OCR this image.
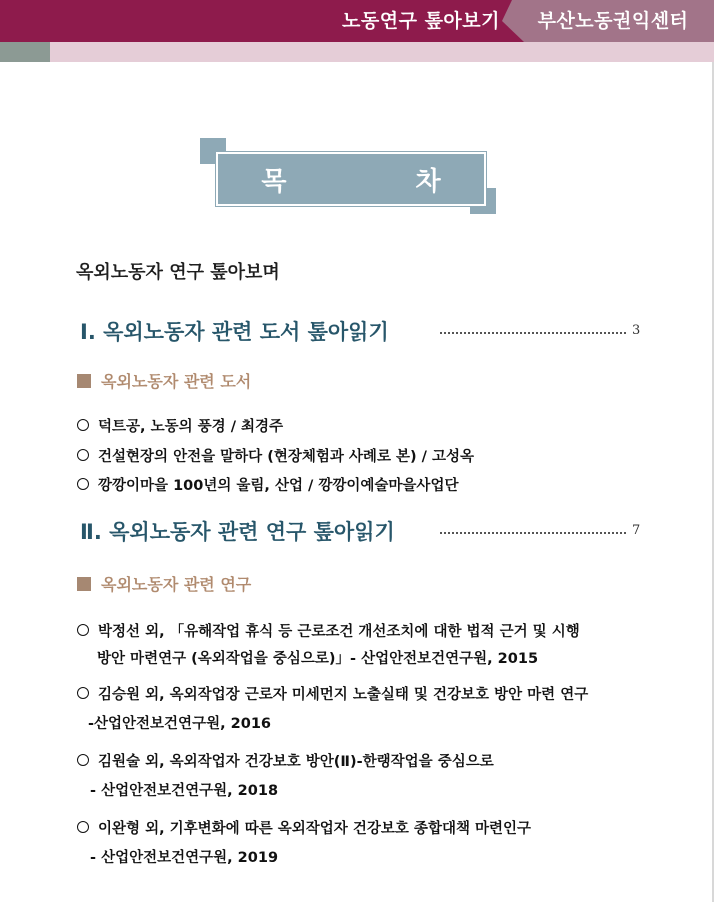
노동연구 톺아보기	부산노동권익센터
목 차
옥외노동자 연구 톺아보며
Ⅰ. 옥외노동자 관련 도서 톺아읽기	3
옥외노동자 관련 도서
덕트공, 노동의 풍경 / 최경주
건설현장의 안전을 말하다 (현장체험과 사례로 본) / 고성옥
깡깡이마을 100년의 울림, 산업 / 깡깡이예술마을사업단
Ⅱ. 옥외노동자 관련 연구 톺아읽기	7
옥외노동자 관련 연구
박정선 외, 「유해작업 휴식 등 근로조건 개선조치에 대한 법적 근거 및 시행
방안 마련연구 (옥외작업을 중심으로)」- 산업안전보건연구원, 2015
김승원 외, 옥외작업장 근로자 미세먼지 노출실태 및 건강보호 방안 마련 연구
-산업안전보건연구원, 2016
김원술 외, 옥외작업자 건강보호 방안(Ⅱ)-한랭작업을 중심으로
- 산업안전보건연구원, 2018
이완형 외, 기후변화에 따른 옥외작업자 건강보호 종합대책 마련인구
- 산업안전보건연구원, 2019
